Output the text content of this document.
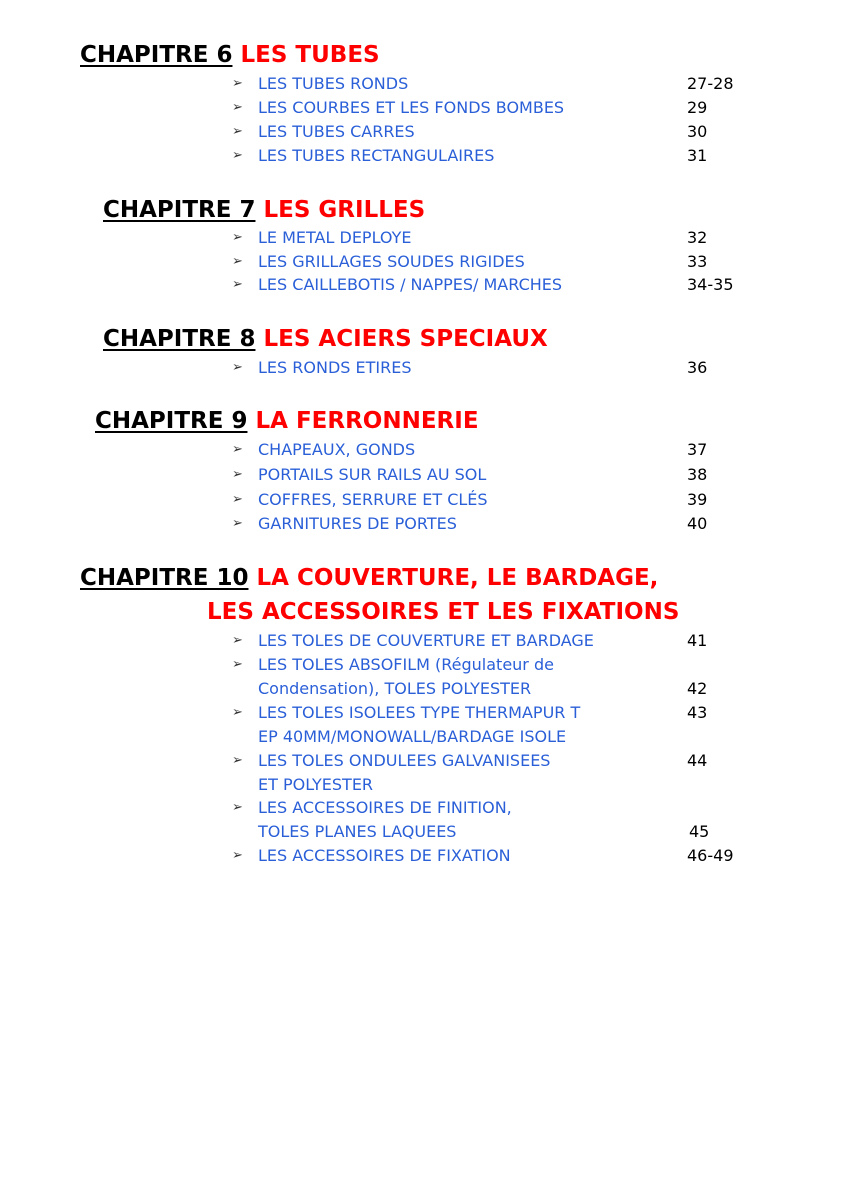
CHAPITRE 6 LES TUBES
➢ LES TUBES RONDS	27-28
➢ LES COURBES ET LES FONDS BOMBES	29
➢ LES TUBES CARRES	30
➢ LES TUBES RECTANGULAIRES	31
CHAPITRE 7 LES GRILLES
➢ LE METAL DEPLOYE	32
➢ LES GRILLAGES SOUDES RIGIDES	33
➢ LES CAILLEBOTIS / NAPPES/ MARCHES	34-35
CHAPITRE 8 LES ACIERS SPECIAUX
➢ LES RONDS ETIRES	36
CHAPITRE 9 LA FERRONNERIE
➢ CHAPEAUX, GONDS	37
➢ PORTAILS SUR RAILS AU SOL	38
➢ COFFRES, SERRURE ET CLÉS	39
➢ GARNITURES DE PORTES	40
CHAPITRE 10 LA COUVERTURE, LE BARDAGE,
LES ACCESSOIRES ET LES FIXATIONS
➢ LES TOLES DE COUVERTURE ET BARDAGE	41
➢ LES TOLES ABSOFILM (Régulateur de
Condensation), TOLES POLYESTER	42
➢ LES TOLES ISOLEES TYPE THERMAPUR T
EP 40MM/MONOWALL/BARDAGE ISOLE
43
➢ LES TOLES ONDULEES GALVANISEES
ET POLYESTER
44
➢ LES ACCESSOIRES DE FINITION,
TOLES PLANES LAQUEES	45
➢ LES ACCESSOIRES DE FIXATION	46-49
